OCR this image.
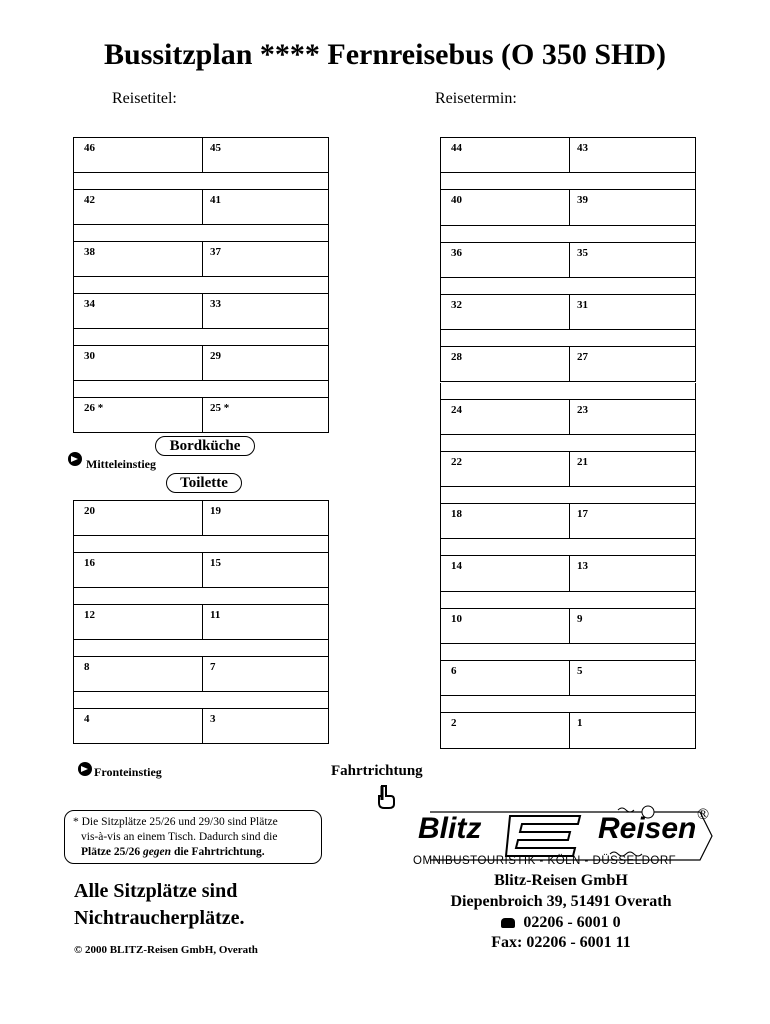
Bussitzplan **** Fernreisebus (O 350 SHD)
Reisetitel:	Reisetermin:
46	45
42	41
38	37
34	33
30	29
26 *	25 *
20	19
16	15
12	11
8	7
4	3
44	43
40	39
36	35
32	31
28	27
24	23
22	21
18	17
14	13
10	9
6	5
2	1
Bordküche
Mitteleinstieg
Toilette
Fronteinstieg	Fahrtrichtung
* Die Sitzplätze 25/26 und 29/30 sind Plätze
vis-à-vis an einem Tisch. Dadurch sind die
Plätze 25/26 gegen die Fahrtrichtung.
Alle Sitzplätze sind
Nichtraucherplätze.
© 2000 BLITZ-Reisen GmbH, Overath
Blitz	Reisen ®
OMNIBUSTOURISTIK - KÖLN - DÜSSELDORF
Blitz-Reisen GmbH
Diepenbroich 39, 51491 Overath
02206 - 6001 0
Fax: 02206 - 6001 11
